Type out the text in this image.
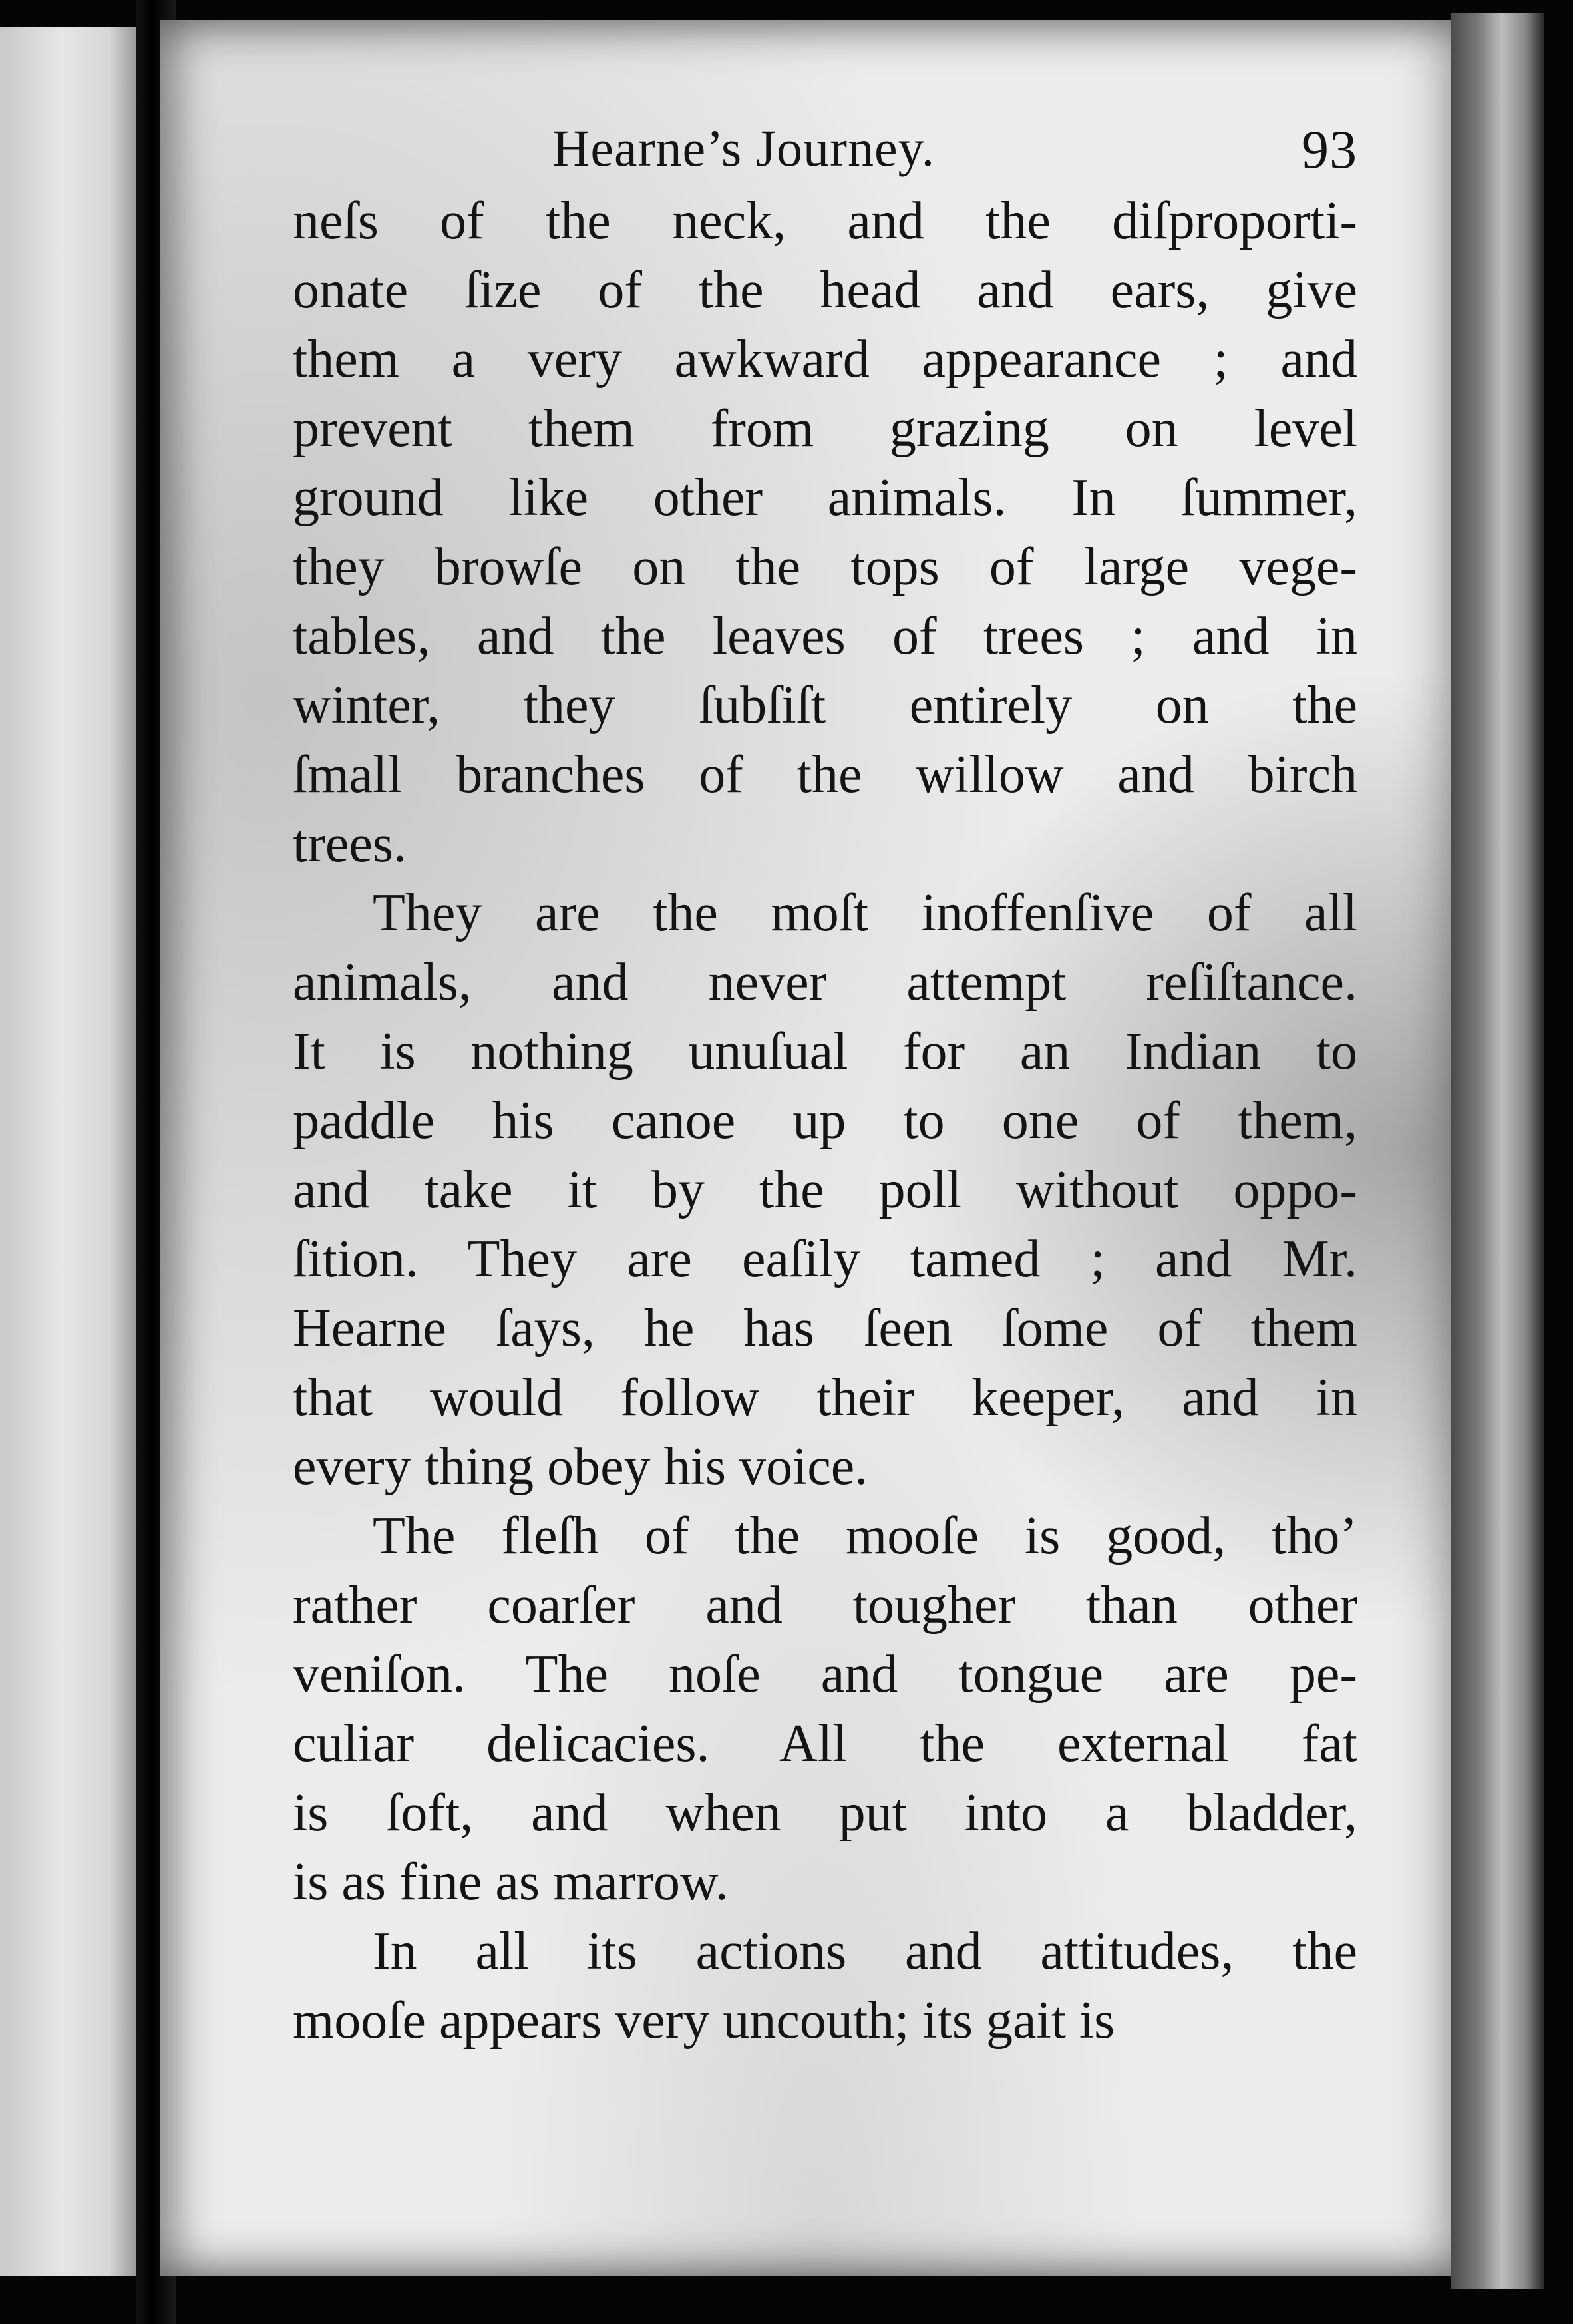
Hearne’s Journey.	93
neſs of the neck, and the diſproporti-
onate ſize of the head and ears, give
them a very awkward appearance ; and
prevent them from grazing on level
ground like other animals. In ſummer,
they browſe on the tops of large vege-
tables, and the leaves of trees ; and in
winter, they ſubſiſt entirely on the
ſmall branches of the willow and birch
trees.
They are the moſt inoffenſive of all
animals, and never attempt reſiſtance.
It is nothing unuſual for an Indian to
paddle his canoe up to one of them,
and take it by the poll without oppo-
ſition. They are eaſily tamed ; and Mr.
Hearne ſays, he has ſeen ſome of them
that would follow their keeper, and in
every thing obey his voice.
The fleſh of the mooſe is good, tho’
rather coarſer and tougher than other
veniſon. The noſe and tongue are pe-
culiar delicacies. All the external fat
is ſoft, and when put into a bladder,
is as fine as marrow.
In all its actions and attitudes, the
mooſe appears very uncouth; its gait is
